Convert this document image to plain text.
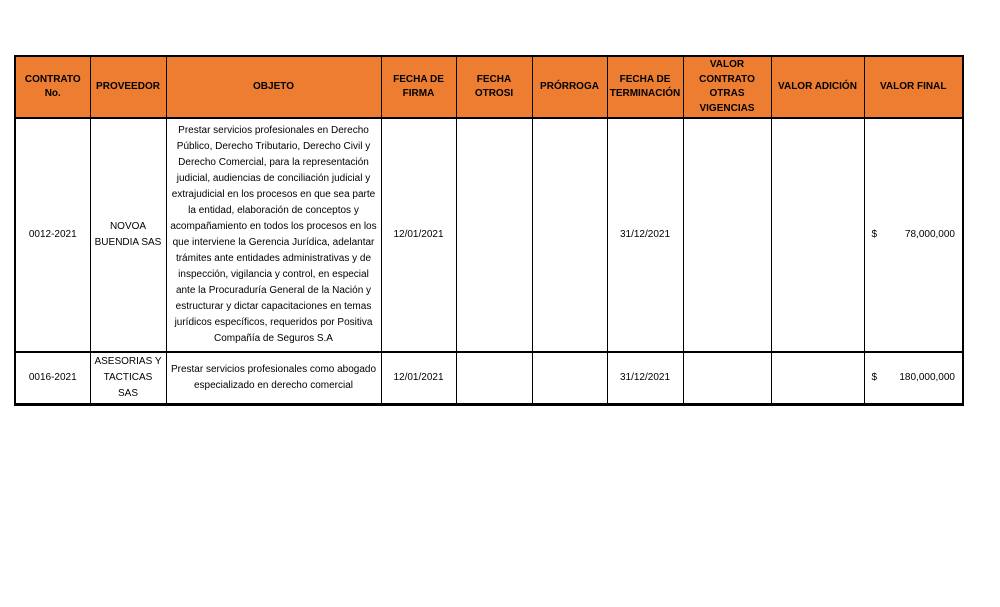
CONTRATO No.	PROVEEDOR	OBJETO	FECHA DE FIRMA	FECHA OTROSI	PRÓRROGA	FECHA DE TERMINACIÓN	VALOR CONTRATO OTRAS VIGENCIAS	VALOR ADICIÓN	VALOR FINAL
0012-2021	NOVOA BUENDIA SAS	Prestar servicios profesionales en Derecho Público, Derecho Tributario, Derecho Civil y Derecho Comercial, para la representación judicial, audiencias de conciliación judicial y extrajudicial en los procesos en que sea parte la entidad, elaboración de conceptos y acompañamiento en todos los procesos en los que interviene la Gerencia Jurídica, adelantar trámites ante entidades administrativas y de inspección, vigilancia y control, en especial ante la Procuraduría General de la Nación y estructurar y dictar capacitaciones en temas jurídicos específicos, requeridos por Positiva Compañía de Seguros S.A	12/01/2021			31/12/2021			$ 78,000,000

0016-2021	ASESORIAS Y TACTICAS SAS	Prestar servicios profesionales como abogado especializado en derecho comercial	12/01/2021			31/12/2021			$ 180,000,000
